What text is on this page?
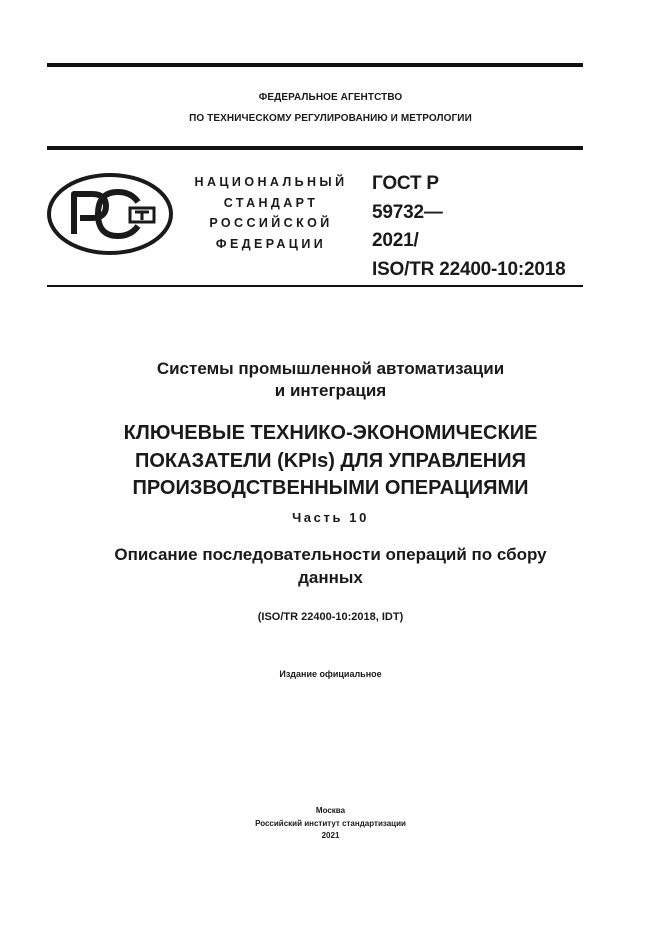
ФЕДЕРАЛЬНОЕ АГЕНТСТВО
ПО ТЕХНИЧЕСКОМУ РЕГУЛИРОВАНИЮ И МЕТРОЛОГИИ
НАЦИОНАЛЬНЫЙ
СТАНДАРТ
РОССИЙСКОЙ
ФЕДЕРАЦИИ
ГОСТ Р
59732—
2021/
ISO/TR 22400-10:2018
Системы промышленной автоматизации
и интеграция
КЛЮЧЕВЫЕ ТЕХНИКО-ЭКОНОМИЧЕСКИЕ
ПОКАЗАТЕЛИ (KPIs) ДЛЯ УПРАВЛЕНИЯ
ПРОИЗВОДСТВЕННЫМИ ОПЕРАЦИЯМИ
Часть 10
Описание последовательности операций по сбору
данных
(ISO/TR 22400-10:2018, IDT)
Издание официальное
Москва
Российский институт стандартизации
2021
